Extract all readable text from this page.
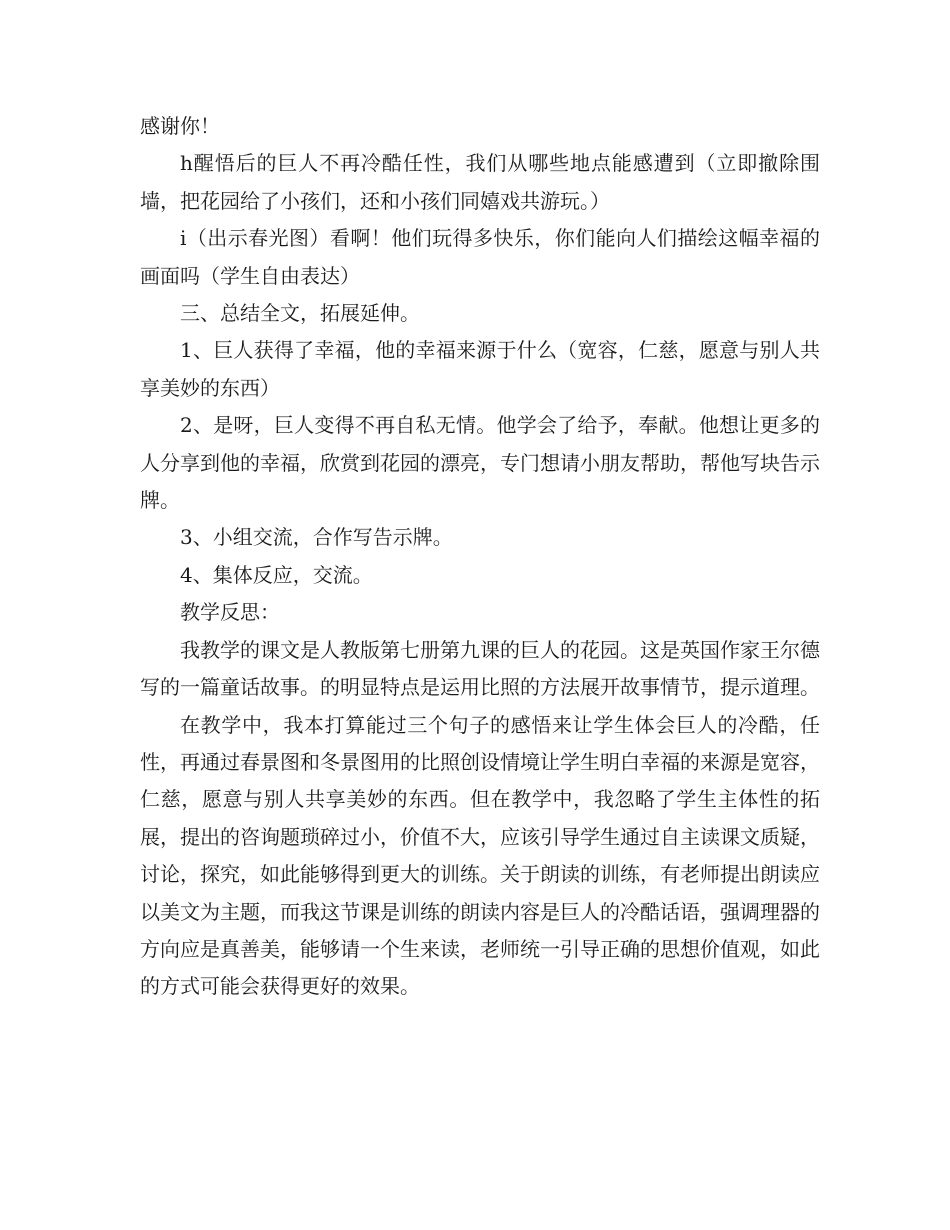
感谢你！

h醒悟后的巨人不再冷酷任性，我们从哪些地点能感遭到（立即撤除围墙，把花园给了小孩们，还和小孩们同嬉戏共游玩。）

i（出示春光图）看啊！他们玩得多快乐，你们能向人们描绘这幅幸福的画面吗（学生自由表达）

三、总结全文，拓展延伸。

1、巨人获得了幸福，他的幸福来源于什么（宽容，仁慈，愿意与别人共享美妙的东西）

2、是呀，巨人变得不再自私无情。他学会了给予，奉献。他想让更多的人分享到他的幸福，欣赏到花园的漂亮，专门想请小朋友帮助，帮他写块告示牌。

3、小组交流，合作写告示牌。

4、集体反应，交流。

教学反思：

我教学的课文是人教版第七册第九课的巨人的花园。这是英国作家王尔德写的一篇童话故事。的明显特点是运用比照的方法展开故事情节，提示道理。

在教学中，我本打算能过三个句子的感悟来让学生体会巨人的冷酷，任性，再通过春景图和冬景图用的比照创设情境让学生明白幸福的来源是宽容，仁慈，愿意与别人共享美妙的东西。但在教学中，我忽略了学生主体性的拓展，提出的咨询题琐碎过小，价值不大，应该引导学生通过自主读课文质疑，讨论，探究，如此能够得到更大的训练。关于朗读的训练，有老师提出朗读应以美文为主题，而我这节课是训练的朗读内容是巨人的冷酷话语，强调理器的方向应是真善美，能够请一个生来读，老师统一引导正确的思想价值观，如此的方式可能会获得更好的效果。
